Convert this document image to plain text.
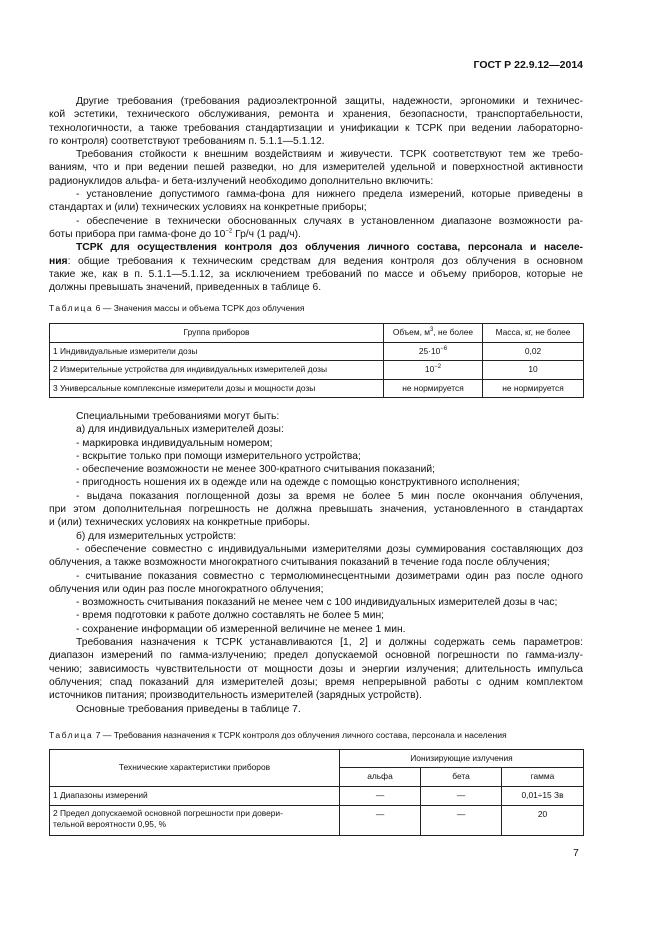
ГОСТ Р 22.9.12—2014
Другие требования (требования радиоэлектронной защиты, надежности, эргономики и техничес-
кой эстетики, технического обслуживания, ремонта и хранения, безопасности, транспортабельности,
технологичности, а также требования стандартизации и унификации к ТСРК при ведении лабораторно-
го контроля) соответствуют требованиям п. 5.1.1—5.1.12.
Требования стойкости к внешним воздействиям и живучести. ТСРК соответствуют тем же требо-
ваниям, что и при ведении пешей разведки, но для измерителей удельной и поверхностной активности
радионуклидов альфа- и бета-излучений необходимо дополнительно включить:
- установление допустимого гамма-фона для нижнего предела измерений, которые приведены в
стандартах и (или) технических условиях на конкретные приборы;
- обеспечение в технически обоснованных случаях в установленном диапазоне возможности ра-
боты прибора при гамма-фоне до $10^{-2}$ Гр/ч (1 рад/ч).
ТСРК для осуществления контроля доз облучения личного состава, персонала и населе-
ния: общие требования к техническим средствам для ведения контроля доз облучения в основном
такие же, как в п. 5.1.1—5.1.12, за исключением требований по массе и объему приборов, которые не
должны превышать значений, приведенных в таблице 6.

Таблица 6 — Значения массы и объема ТСРК доз облучения

Группа приборов	Объем, $м^3$, не более	Масса, кг, не более
1 Индивидуальные измерители дозы	$25\cdot 10^{-6}$	0,02
2 Измерительные устройства для индивидуальных измерителей дозы	$10^{-2}$	10
3 Универсальные комплексные измерители дозы и мощности дозы	не нормируется	не нормируется
Специальными требованиями могут быть:
а) для индивидуальных измерителей дозы:
- маркировка индивидуальным номером;
- вскрытие только при помощи измерительного устройства;
- обеспечение возможности не менее 300-кратного считывания показаний;
- пригодность ношения их в одежде или на одежде с помощью конструктивного исполнения;
- выдача показания поглощенной дозы за время не более 5 мин после окончания облучения,
при этом дополнительная погрешность не должна превышать значения, установленного в стандартах
и (или) технических условиях на конкретные приборы.
б) для измерительных устройств:
- обеспечение совместно с индивидуальными измерителями дозы суммирования составляющих доз
облучения, а также возможности многократного считывания показаний в течение года после облучения;
- считывание показания совместно с термолюминесцентными дозиметрами один раз после одного
облучения или один раз после многократного облучения;
- возможность считывания показаний не менее чем с 100 индивидуальных измерителей дозы в час;
- время подготовки к работе должно составлять не более 5 мин;
- сохранение информации об измеренной величине не менее 1 мин.
Требования назначения к ТСРК устанавливаются [1, 2] и должны содержать семь параметров:
диапазон измерений по гамма-излучению; предел допускаемой основной погрешности по гамма-излу-
чению; зависимость чувствительности от мощности дозы и энергии излучения; длительность импульса
облучения; спад показаний для измерителей дозы; время непрерывной работы с одним комплектом
источников питания; производительность измерителей (зарядных устройств).
Основные требования приведены в таблице 7.

Таблица 7 — Требования назначения к ТСРК контроля доз облучения личного состава, персонала и населения

Технические характеристики приборов	Ионизирующие излучения		
	альфа	бета	гамма
1 Диапазоны измерений	—	—	0,01÷15 Зв

2 Предел допускаемой основной погрешности при довери-
тельной вероятности 0,95, %	—	—	20
7
